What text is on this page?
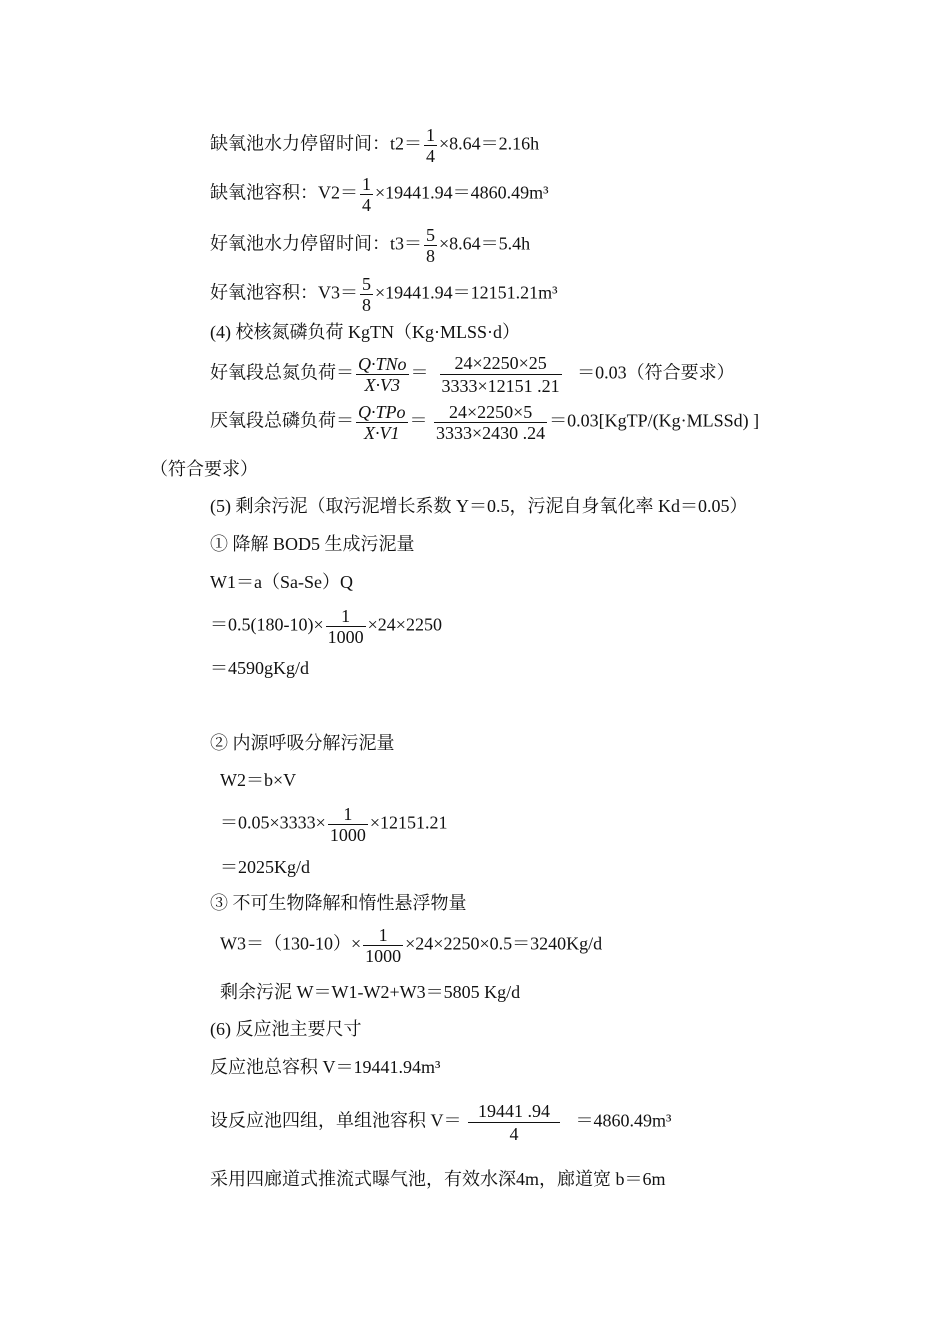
缺氧池水力停留时间：$t2= \frac{1}{4} \times 8.64=2.16h$
缺氧池容积：$V2= \frac{1}{4} \times 19441.94=4860.49m^3$
好氧池水力停留时间：$t3= \frac{5}{8} \times 8.64=5.4h$
好氧池容积：$V3= \frac{5}{8} \times 19441.94=12151.21m^3$
(4) 校核氮磷负荷 KgTN（Kg·MLSS·d）
好氧段总氮负荷＝ $\frac{\text{Q·TNo}}{X\cdot V3} = \frac{24\times 2250\times 25}{3333\times 12151 .21} =0.03$（符合要求）
厌氧段总磷负荷＝ $\frac{\text{Q·TPo}}{X\cdot V1} = \frac{24\times 2250\times 5}{3333\times 2430 .24}$ ＝0.03[KgTP/(Kg·MLSSd) ]
（符合要求）
(5) 剩余污泥（取污泥增长系数 Y＝0.5，污泥自身氧化率 Kd＝0.05）
① 降解 BOD5 生成污泥量
W1＝a（Sa-Se）Q
$=0.5(180-10)\times \frac{1}{1000} \times 24\times 2250$
＝4590gKg/d
② 内源呼吸分解污泥量
W2＝b×V
$=0.05\times 3333\times \frac{1}{1000} \times 12151.21$
＝2025Kg/d
③ 不可生物降解和惰性悬浮物量
$W3=(130-10)\times \frac{1}{1000} \times 24\times 2250\times 0.5=3240Kg/d$
剩余污泥 W＝W1-W2+W3＝5805 Kg/d
(6) 反应池主要尺寸
反应池总容积 V＝19441.94m³
设反应池四组，单组池容积 $V= \frac{19441 .94}{4} =4860.49m^3$
采用四廊道式推流式曝气池，有效水深4m，廊道宽 b＝6m
